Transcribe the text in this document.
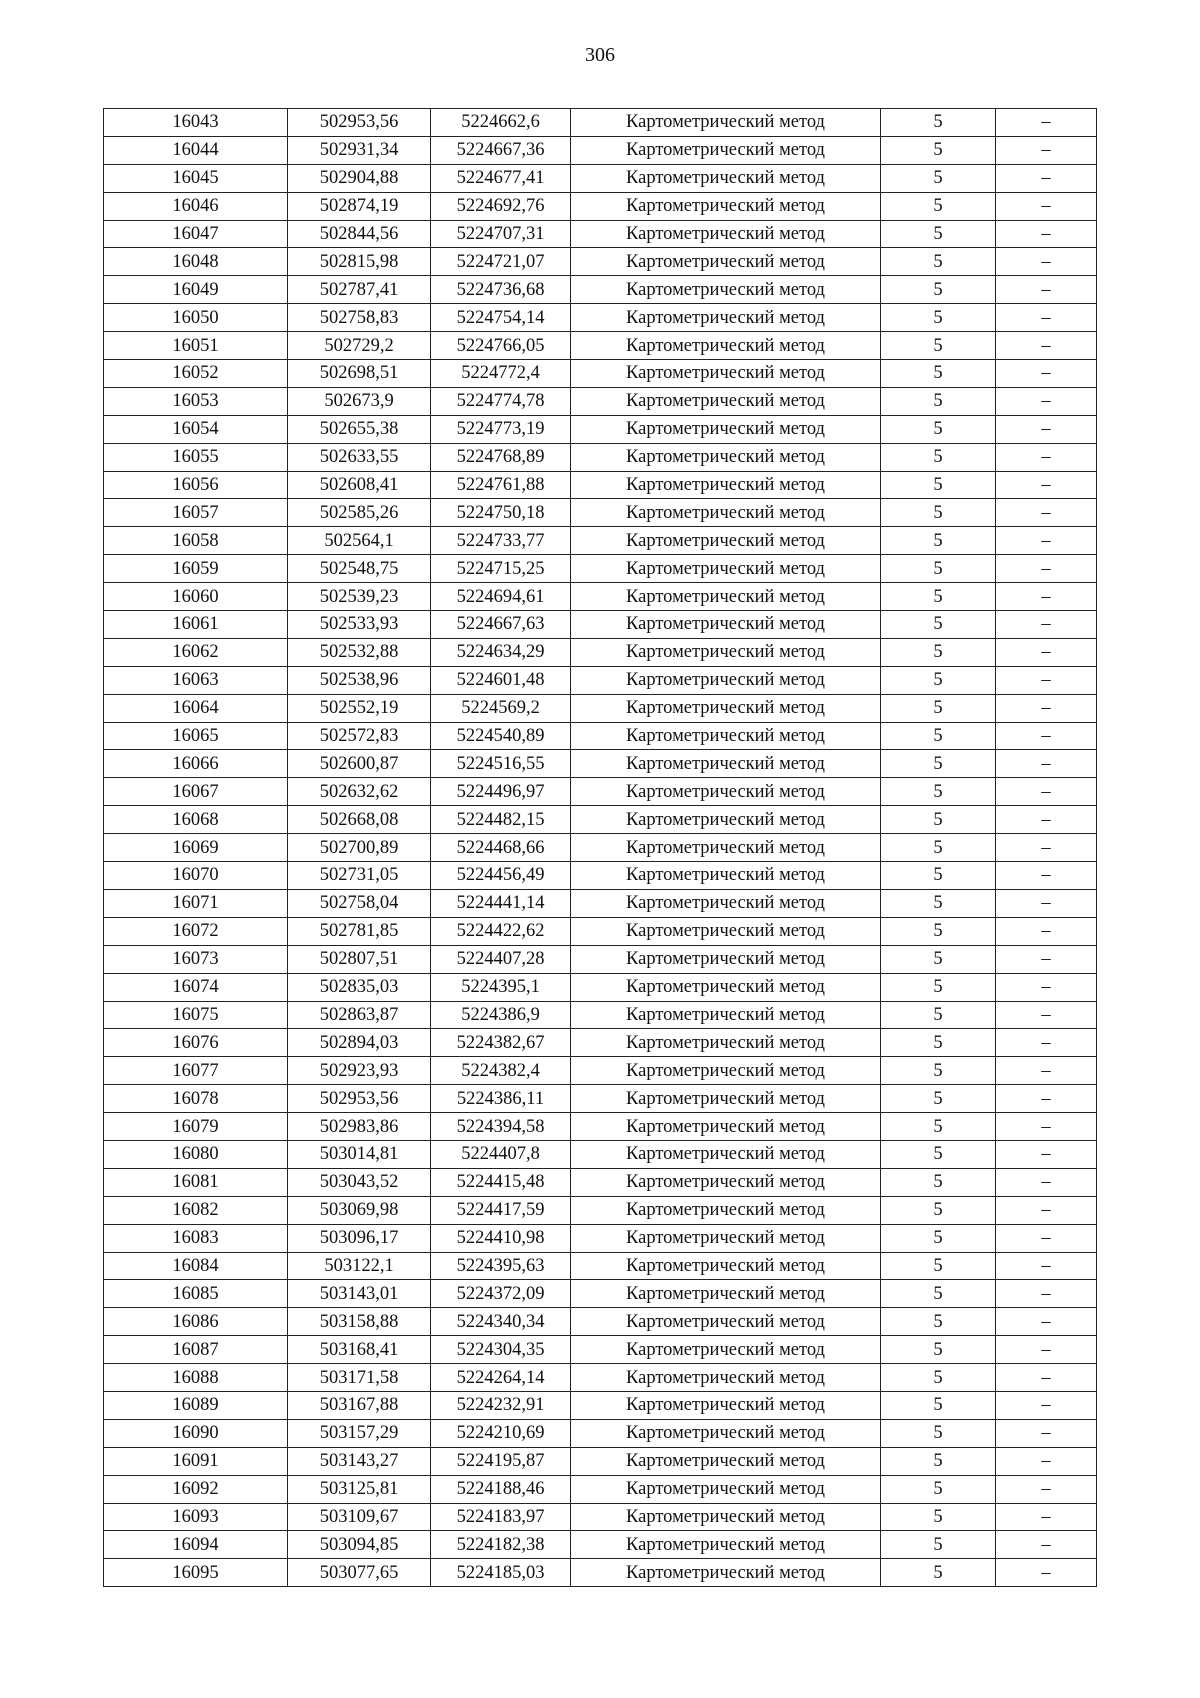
306
16043	502953,56	5224662,6	Картометрический метод	5	–
16044	502931,34	5224667,36	Картометрический метод	5	–
16045	502904,88	5224677,41	Картометрический метод	5	–
16046	502874,19	5224692,76	Картометрический метод	5	–
16047	502844,56	5224707,31	Картометрический метод	5	–
16048	502815,98	5224721,07	Картометрический метод	5	–
16049	502787,41	5224736,68	Картометрический метод	5	–
16050	502758,83	5224754,14	Картометрический метод	5	–
16051	502729,2	5224766,05	Картометрический метод	5	–
16052	502698,51	5224772,4	Картометрический метод	5	–
16053	502673,9	5224774,78	Картометрический метод	5	–
16054	502655,38	5224773,19	Картометрический метод	5	–
16055	502633,55	5224768,89	Картометрический метод	5	–
16056	502608,41	5224761,88	Картометрический метод	5	–
16057	502585,26	5224750,18	Картометрический метод	5	–
16058	502564,1	5224733,77	Картометрический метод	5	–
16059	502548,75	5224715,25	Картометрический метод	5	–
16060	502539,23	5224694,61	Картометрический метод	5	–
16061	502533,93	5224667,63	Картометрический метод	5	–
16062	502532,88	5224634,29	Картометрический метод	5	–
16063	502538,96	5224601,48	Картометрический метод	5	–
16064	502552,19	5224569,2	Картометрический метод	5	–
16065	502572,83	5224540,89	Картометрический метод	5	–
16066	502600,87	5224516,55	Картометрический метод	5	–
16067	502632,62	5224496,97	Картометрический метод	5	–
16068	502668,08	5224482,15	Картометрический метод	5	–
16069	502700,89	5224468,66	Картометрический метод	5	–
16070	502731,05	5224456,49	Картометрический метод	5	–
16071	502758,04	5224441,14	Картометрический метод	5	–
16072	502781,85	5224422,62	Картометрический метод	5	–
16073	502807,51	5224407,28	Картометрический метод	5	–
16074	502835,03	5224395,1	Картометрический метод	5	–
16075	502863,87	5224386,9	Картометрический метод	5	–
16076	502894,03	5224382,67	Картометрический метод	5	–
16077	502923,93	5224382,4	Картометрический метод	5	–
16078	502953,56	5224386,11	Картометрический метод	5	–
16079	502983,86	5224394,58	Картометрический метод	5	–
16080	503014,81	5224407,8	Картометрический метод	5	–
16081	503043,52	5224415,48	Картометрический метод	5	–
16082	503069,98	5224417,59	Картометрический метод	5	–
16083	503096,17	5224410,98	Картометрический метод	5	–
16084	503122,1	5224395,63	Картометрический метод	5	–
16085	503143,01	5224372,09	Картометрический метод	5	–
16086	503158,88	5224340,34	Картометрический метод	5	–
16087	503168,41	5224304,35	Картометрический метод	5	–
16088	503171,58	5224264,14	Картометрический метод	5	–
16089	503167,88	5224232,91	Картометрический метод	5	–
16090	503157,29	5224210,69	Картометрический метод	5	–
16091	503143,27	5224195,87	Картометрический метод	5	–
16092	503125,81	5224188,46	Картометрический метод	5	–
16093	503109,67	5224183,97	Картометрический метод	5	–
16094	503094,85	5224182,38	Картометрический метод	5	–
16095	503077,65	5224185,03	Картометрический метод	5	–
